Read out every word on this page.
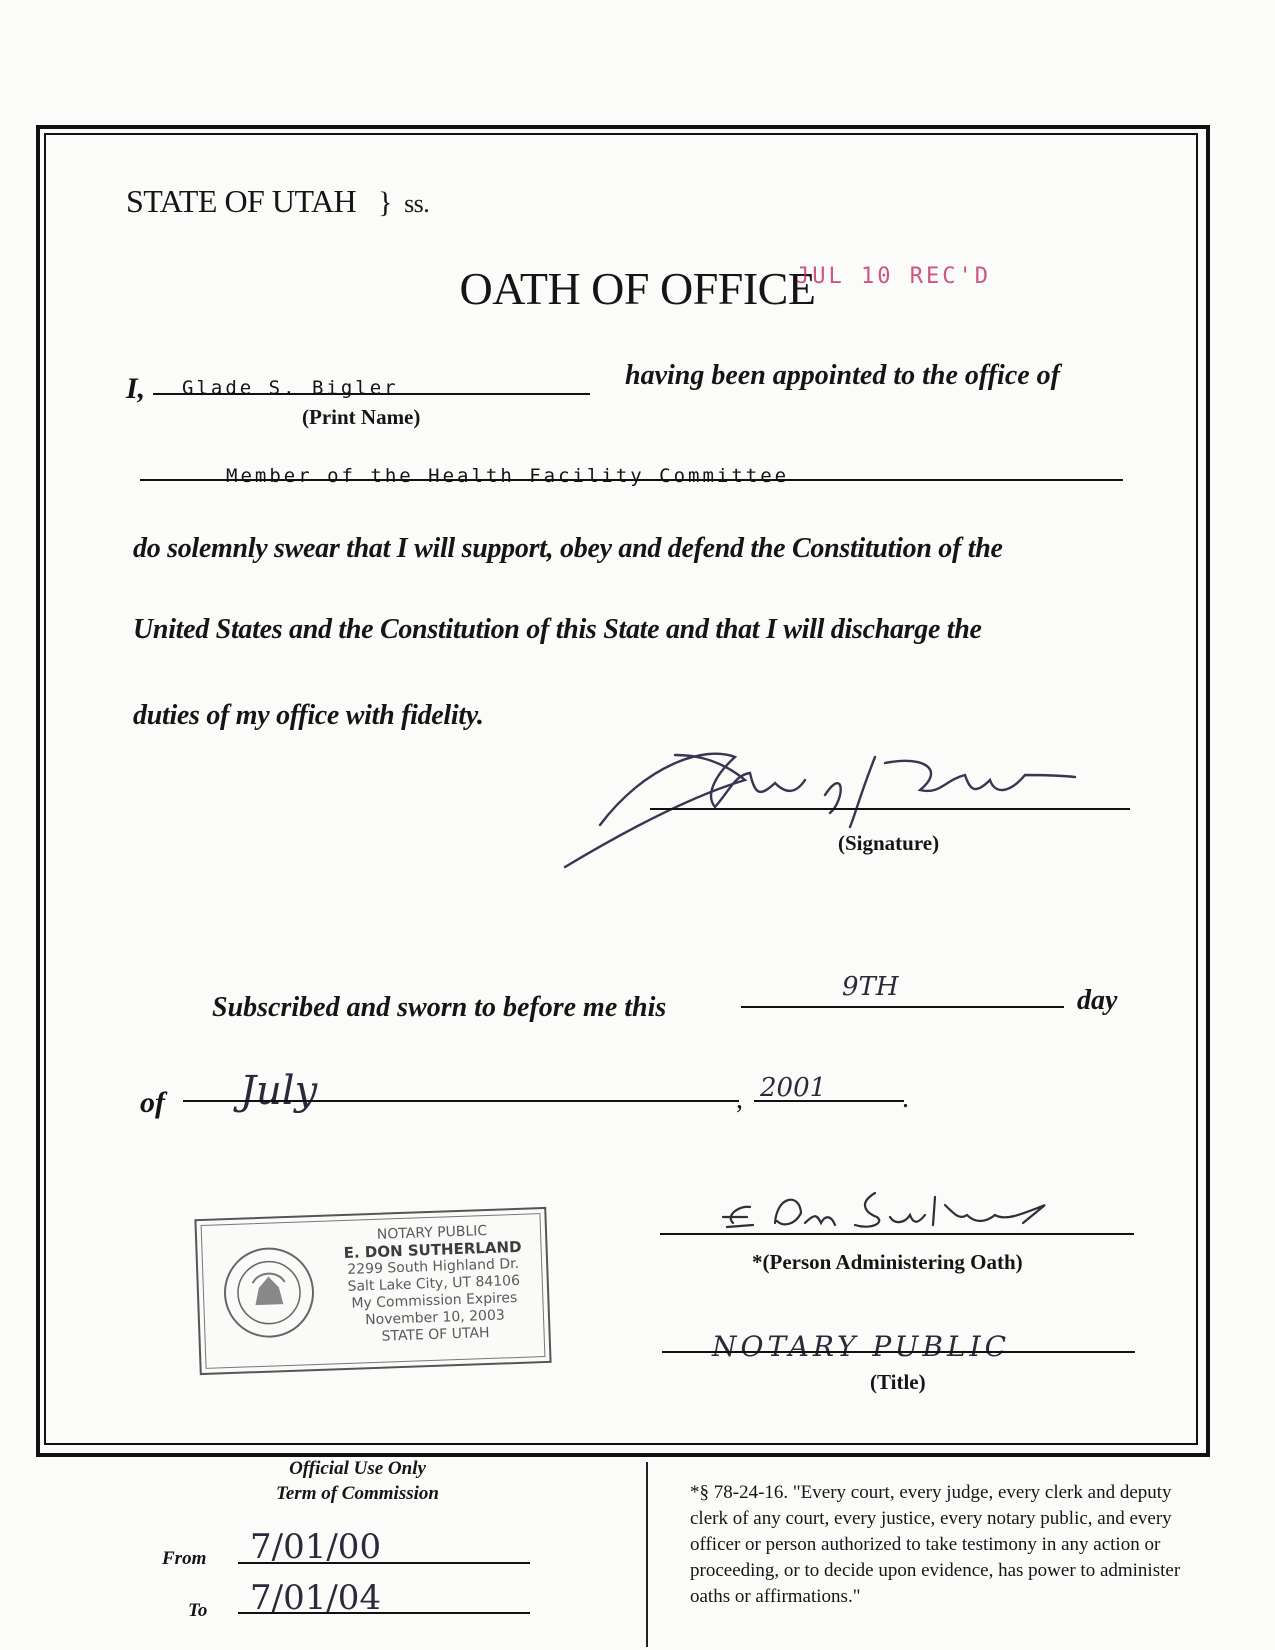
STATE OF UTAH } ss.
OATH OF OFFICE
JUL 10 REC'D
I, Glade S. Bigler
(Print Name)
having been appointed to the office of
Member of the Health Facility Committee
do solemnly swear that I will support, obey and defend the Constitution of the
United States and the Constitution of this State and that I will discharge the
duties of my office with fidelity.
(Signature)
Subscribed and sworn to before me this
9TH	day
of July	, 2001	.
NOTARY PUBLIC
E. DON SUTHERLAND
2299 South Highland Dr.
Salt Lake City, UT 84106
My Commission Expires
November 10, 2003
STATE OF UTAH
*(Person Administering Oath)
NOTARY PUBLIC
(Title)
Official Use Only
Term of Commission
From 7/01/00
To 7/01/04
*§ 78-24-16. "Every court, every judge, every clerk and deputy clerk of any court, every justice, every notary public, and every officer or person authorized to take testimony in any action or proceeding, or to decide upon evidence, has power to administer oaths or affirmations."
